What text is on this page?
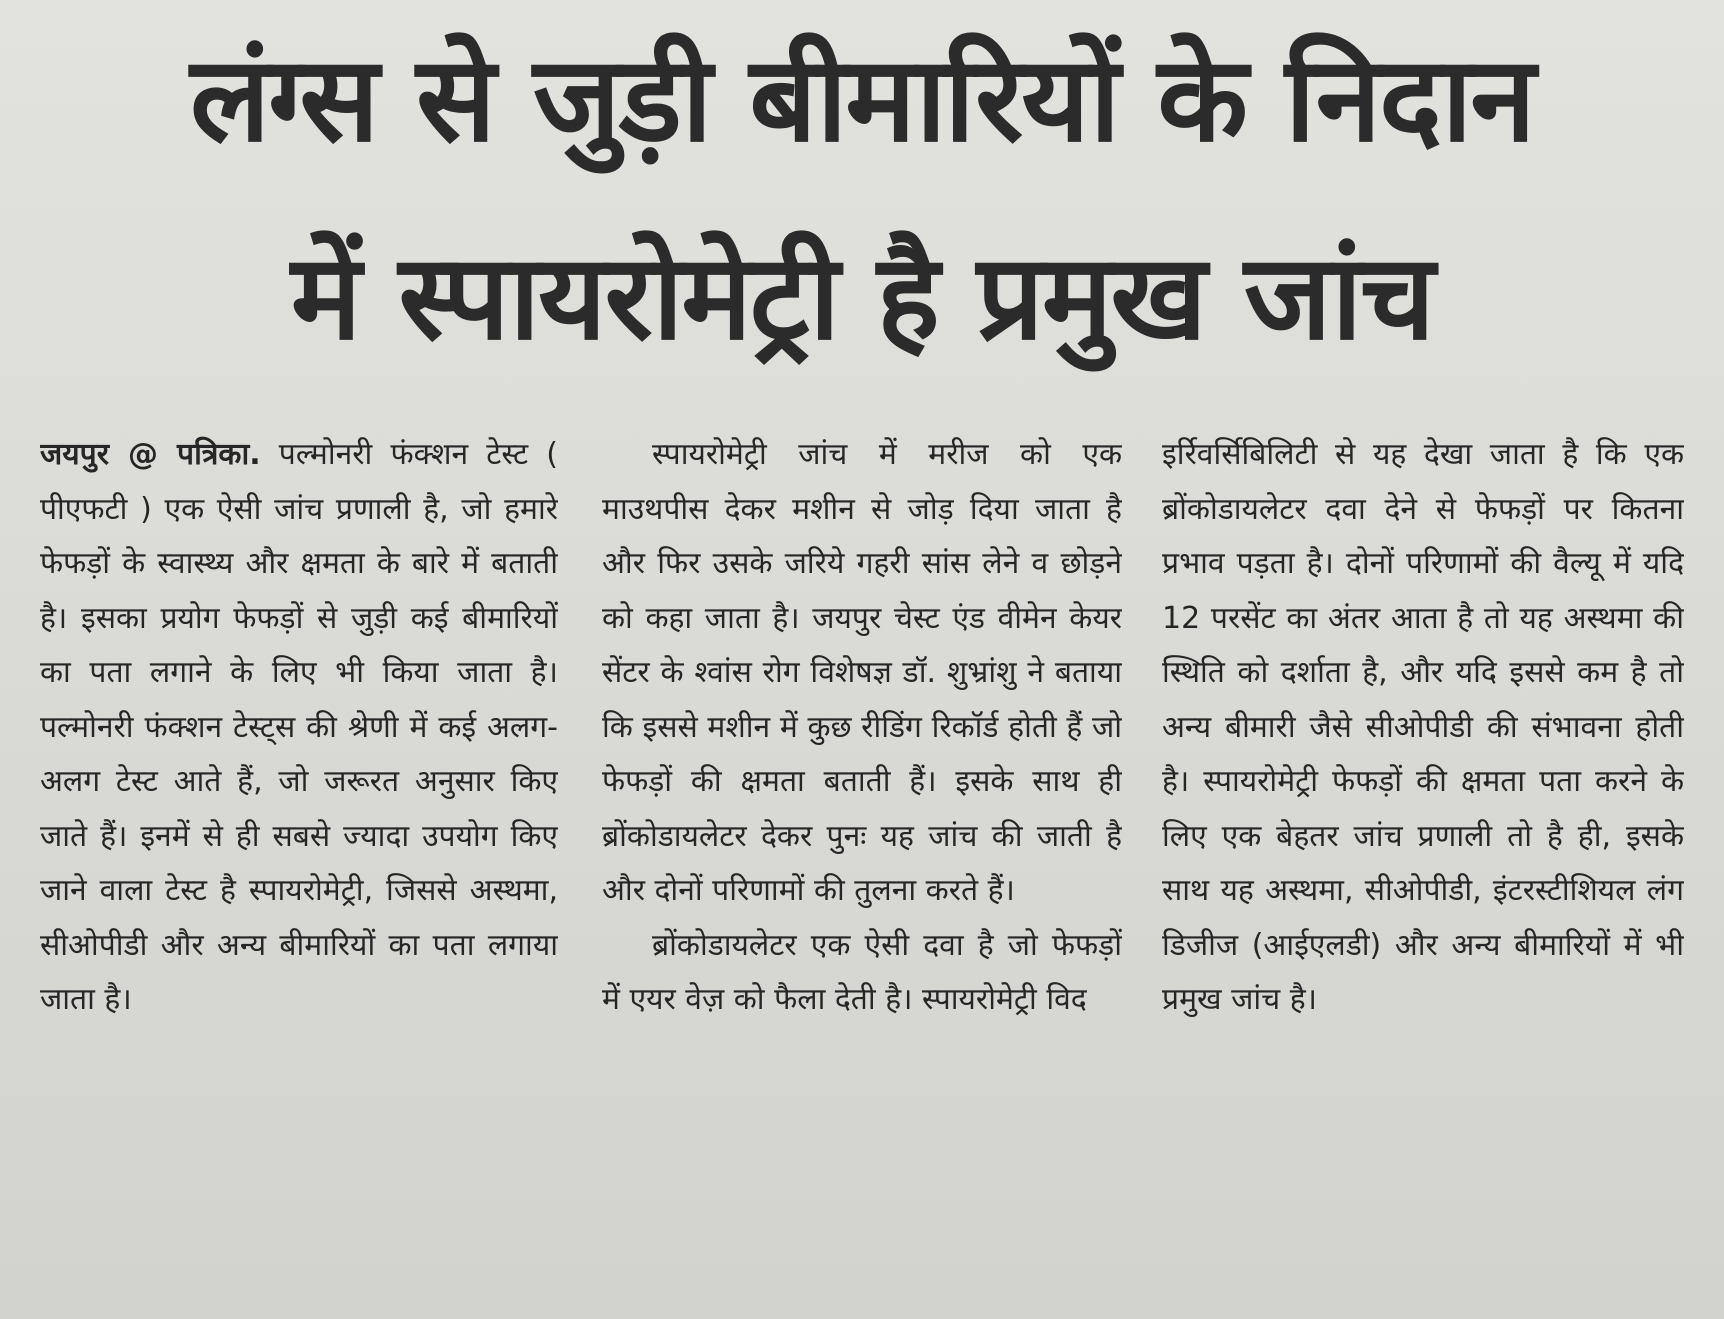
लंग्स से जुड़ी बीमारियों के निदान
में स्पायरोमेट्री है प्रमुख जांच

जयपुर @ पत्रिका. पल्मोनरी फंक्शन टेस्ट ( पीएफटी ) एक ऐसी जांच प्रणाली है, जो हमारे फेफड़ों के स्वास्थ्य और क्षमता के बारे में बताती है। इसका प्रयोग फेफड़ों से जुड़ी कई बीमारियों का पता लगाने के लिए भी किया जाता है। पल्मोनरी फंक्शन टेस्ट्स की श्रेणी में कई अलग-अलग टेस्ट आते हैं, जो जरूरत अनुसार किए जाते हैं। इनमें से ही सबसे ज्यादा उपयोग किए जाने वाला टेस्ट है स्पायरोमेट्री, जिससे अस्थमा, सीओपीडी और अन्य बीमारियों का पता लगाया जाता है।

स्पायरोमेट्री जांच में मरीज को एक माउथपीस देकर मशीन से जोड़ दिया जाता है और फिर उसके जरिये गहरी सांस लेने व छोड़ने को कहा जाता है। जयपुर चेस्ट एंड वीमेन केयर सेंटर के श्वांस रोग विशेषज्ञ डॉ. शुभ्रांशु ने बताया कि इससे मशीन में कुछ रीडिंग रिकॉर्ड होती हैं जो फेफड़ों की क्षमता बताती हैं। इसके साथ ही ब्रोंकोडायलेटर देकर पुनः यह जांच की जाती है और दोनों परिणामों की तुलना करते हैं।

ब्रोंकोडायलेटर एक ऐसी दवा है जो फेफड़ों में एयर वेज़ को फैला देती है। स्पायरोमेट्री विद

इर्रिवर्सिबिलिटी से यह देखा जाता है कि एक ब्रोंकोडायलेटर दवा देने से फेफड़ों पर कितना प्रभाव पड़ता है। दोनों परिणामों की वैल्यू में यदि 12 परसेंट का अंतर आता है तो यह अस्थमा की स्थिति को दर्शाता है, और यदि इससे कम है तो अन्य बीमारी जैसे सीओपीडी की संभावना होती है। स्पायरोमेट्री फेफड़ों की क्षमता पता करने के लिए एक बेहतर जांच प्रणाली तो है ही, इसके साथ यह अस्थमा, सीओपीडी, इंटरस्टीशियल लंग डिजीज (आईएलडी) और अन्य बीमारियों में भी प्रमुख जांच है।
